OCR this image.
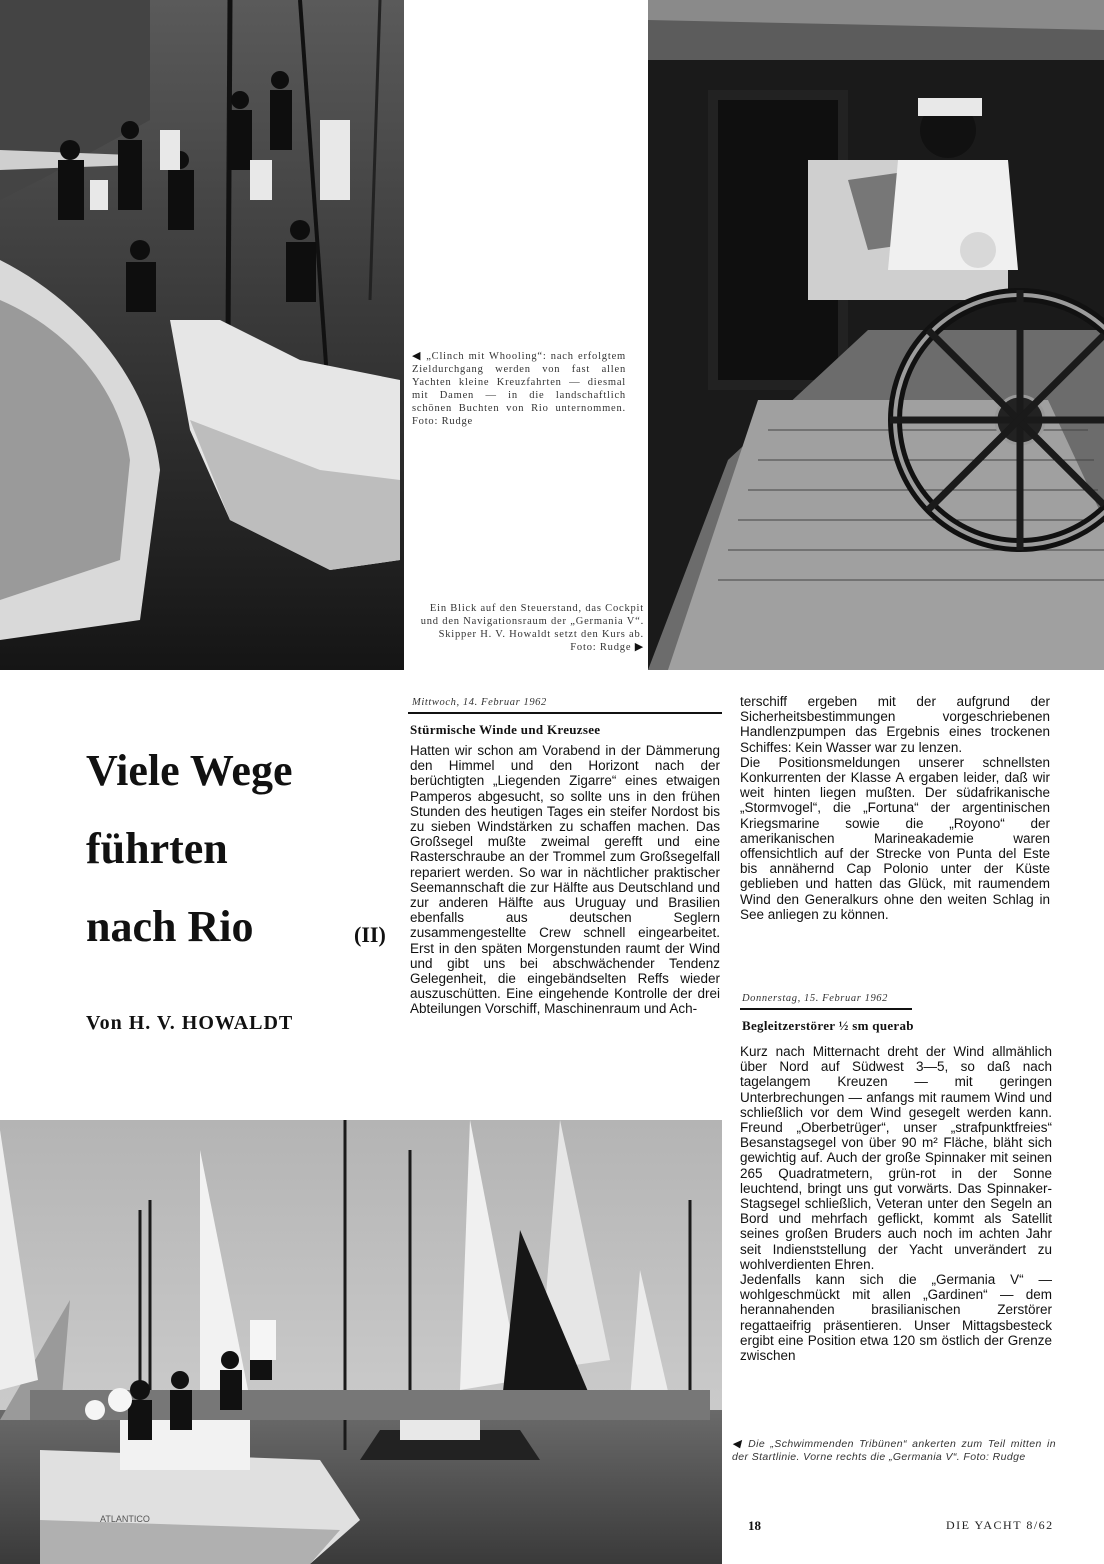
◀ „Clinch mit Whooling“: nach erfolgtem Zieldurchgang werden von fast allen Yachten kleine Kreuzfahrten — diesmal mit Damen — in die landschaftlich schönen Buchten von Rio unternommen. Foto: Rudge
Ein Blick auf den Steuerstand, das Cockpit und den Navigationsraum der „Germania V“. Skipper H. V. Howaldt setzt den Kurs ab. Foto: Rudge ▶
Viele Wege
führten
nach Rio	(II)
Von H. V. HOWALDT
Mittwoch, 14. Februar 1962
Stürmische Winde und Kreuzsee
Hatten wir schon am Vorabend in der Dämmerung den Himmel und den Horizont nach der berüchtigten „Liegenden Zigarre“ eines etwaigen Pamperos abgesucht, so sollte uns in den frühen Stunden des heutigen Tages ein steifer Nordost bis zu sieben Windstärken zu schaffen machen. Das Großsegel mußte zweimal gerefft und eine Rasterschraube an der Trommel zum Großsegelfall repariert werden. So war in nächtlicher praktischer Seemannschaft die zur Hälfte aus Deutschland und zur anderen Hälfte aus Uruguay und Brasilien ebenfalls aus deutschen Seglern zusammengestellte Crew schnell eingearbeitet. Erst in den späten Morgenstunden raumt der Wind und gibt uns bei abschwächender Tendenz Gelegenheit, die eingebändselten Reffs wieder auszuschütten. Eine eingehende Kontrolle der drei Abteilungen Vorschiff, Maschinenraum und Ach-
terschiff ergeben mit der aufgrund der Sicherheitsbestimmungen vorgeschriebenen Handlenzpumpen das Ergebnis eines trockenen Schiffes: Kein Wasser war zu lenzen.
Die Positionsmeldungen unserer schnellsten Konkurrenten der Klasse A ergaben leider, daß wir weit hinten liegen mußten. Der südafrikanische „Stormvogel“, die „Fortuna“ der argentinischen Kriegsmarine sowie die „Royono“ der amerikanischen Marineakademie waren offensichtlich auf der Strecke von Punta del Este bis annähernd Cap Polonio unter der Küste geblieben und hatten das Glück, mit raumendem Wind den Generalkurs ohne den weiten Schlag in See anliegen zu können.
Donnerstag, 15. Februar 1962
Begleitzerstörer ½ sm querab
Kurz nach Mitternacht dreht der Wind allmählich über Nord auf Südwest 3—5, so daß nach tagelangem Kreuzen — mit geringen Unterbrechungen — anfangs mit raumem Wind und schließlich vor dem Wind gesegelt werden kann. Freund „Oberbetrüger“, unser „strafpunktfreies“ Besanstagsegel von über 90 m² Fläche, bläht sich gewichtig auf. Auch der große Spinnaker mit seinen 265 Quadratmetern, grün-rot in der Sonne leuchtend, bringt uns gut vorwärts. Das Spinnaker-Stagsegel schließlich, Veteran unter den Segeln an Bord und mehrfach geflickt, kommt als Satellit seines großen Bruders auch noch im achten Jahr seit Indienststellung der Yacht unverändert zu wohlverdienten Ehren.
Jedenfalls kann sich die „Germania V“ — wohlgeschmückt mit allen „Gardinen“ — dem herannahenden brasilianischen Zerstörer regattaeifrig präsentieren. Unser Mittagsbesteck ergibt eine Position etwa 120 sm östlich der Grenze zwischen
ATLANTICO
◀ Die „Schwimmenden Tribünen“ ankerten zum Teil mitten in der Startlinie. Vorne rechts die „Germania V“. Foto: Rudge
18	DIE YACHT 8/62
